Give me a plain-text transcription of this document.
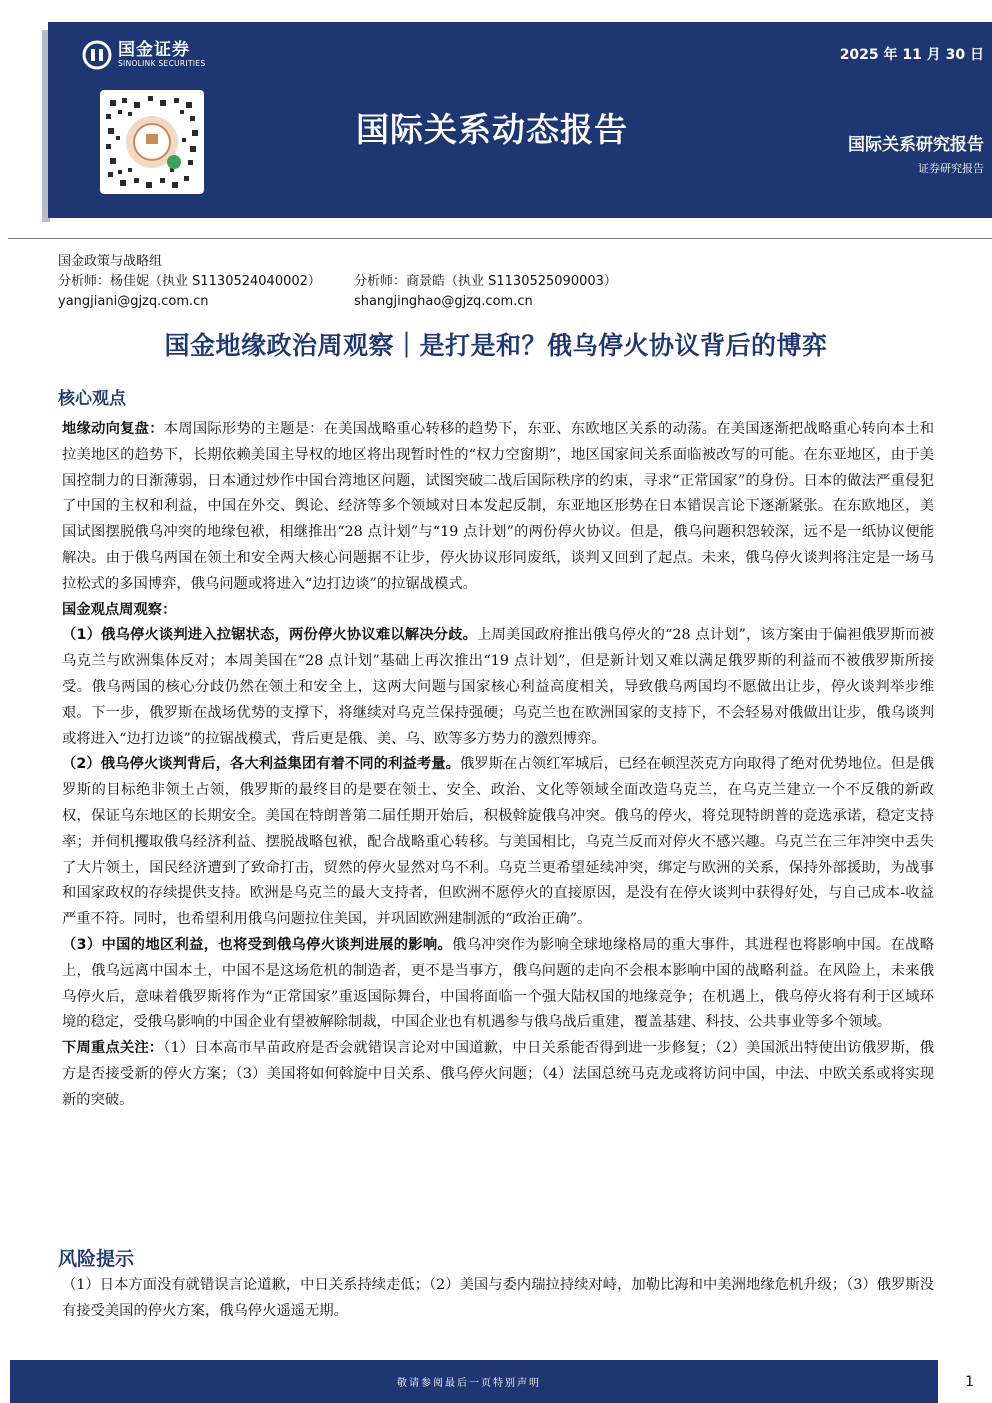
国金证券
SINOLINK SECURITIES
2025 年 11 月 30 日
国际关系动态报告	国际关系研究报告
证券研究报告
国金政策与战略组
分析师：杨佳妮（执业 S1130524040002）	分析师：商景皓（执业 S1130525090003）
yangjiani@gjzq.com.cn	shangjinghao@gjzq.com.cn
国金地缘政治周观察｜是打是和？俄乌停火协议背后的博弈
核心观点

地缘动向复盘：本周国际形势的主题是：在美国战略重心转移的趋势下，东亚、东欧地区关系的动荡。在美国逐渐把战略重心转向本土和拉美地区的趋势下，长期依赖美国主导权的地区将出现暂时性的“权力空窗期”，地区国家间关系面临被改写的可能。在东亚地区，由于美国控制力的日渐薄弱，日本通过炒作中国台湾地区问题，试图突破二战后国际秩序的约束，寻求“正常国家”的身份。日本的做法严重侵犯了中国的主权和利益，中国在外交、舆论、经济等多个领域对日本发起反制，东亚地区形势在日本错误言论下逐渐紧张。在东欧地区，美国试图摆脱俄乌冲突的地缘包袱，相继推出“28 点计划”与“19 点计划”的两份停火协议。但是，俄乌问题积怨较深，远不是一纸协议便能解决。由于俄乌两国在领土和安全两大核心问题据不让步，停火协议形同废纸，谈判又回到了起点。未来，俄乌停火谈判将注定是一场马拉松式的多国博弈，俄乌问题或将进入“边打边谈”的拉锯战模式。

国金观点周观察：

（1）俄乌停火谈判进入拉锯状态，两份停火协议难以解决分歧。上周美国政府推出俄乌停火的“28 点计划”，该方案由于偏袒俄罗斯而被乌克兰与欧洲集体反对；本周美国在“28 点计划”基础上再次推出“19 点计划”，但是新计划又难以满足俄罗斯的利益而不被俄罗斯所接受。俄乌两国的核心分歧仍然在领土和安全上，这两大问题与国家核心利益高度相关，导致俄乌两国均不愿做出让步，停火谈判举步维艰。下一步，俄罗斯在战场优势的支撑下，将继续对乌克兰保持强硬；乌克兰也在欧洲国家的支持下，不会轻易对俄做出让步，俄乌谈判或将进入“边打边谈”的拉锯战模式，背后更是俄、美、乌、欧等多方势力的激烈博弈。

（2）俄乌停火谈判背后，各大利益集团有着不同的利益考量。俄罗斯在占领红军城后，已经在顿涅茨克方向取得了绝对优势地位。但是俄罗斯的目标绝非领土占领，俄罗斯的最终目的是要在领土、安全、政治、文化等领域全面改造乌克兰，在乌克兰建立一个不反俄的新政权，保证乌东地区的长期安全。美国在特朗普第二届任期开始后，积极斡旋俄乌冲突。俄乌的停火，将兑现特朗普的竞选承诺，稳定支持率；并伺机攫取俄乌经济利益、摆脱战略包袱，配合战略重心转移。与美国相比，乌克兰反而对停火不感兴趣。乌克兰在三年冲突中丢失了大片领土，国民经济遭到了致命打击，贸然的停火显然对乌不利。乌克兰更希望延续冲突，绑定与欧洲的关系，保持外部援助，为战事和国家政权的存续提供支持。欧洲是乌克兰的最大支持者，但欧洲不愿停火的直接原因，是没有在停火谈判中获得好处，与自己成本-收益严重不符。同时，也希望利用俄乌问题拉住美国，并巩固欧洲建制派的“政治正确”。

（3）中国的地区利益，也将受到俄乌停火谈判进展的影响。俄乌冲突作为影响全球地缘格局的重大事件，其进程也将影响中国。在战略上，俄乌远离中国本土，中国不是这场危机的制造者，更不是当事方，俄乌问题的走向不会根本影响中国的战略利益。在风险上，未来俄乌停火后，意味着俄罗斯将作为“正常国家”重返国际舞台，中国将面临一个强大陆权国的地缘竞争；在机遇上，俄乌停火将有利于区域环境的稳定，受俄乌影响的中国企业有望被解除制裁，中国企业也有机遇参与俄乌战后重建，覆盖基建、科技、公共事业等多个领域。

下周重点关注：（1）日本高市早苗政府是否会就错误言论对中国道歉，中日关系能否得到进一步修复；（2）美国派出特使出访俄罗斯，俄方是否接受新的停火方案；（3）美国将如何斡旋中日关系、俄乌停火问题；（4）法国总统马克龙或将访问中国，中法、中欧关系或将实现新的突破。

风险提示

（1）日本方面没有就错误言论道歉，中日关系持续走低；（2）美国与委内瑞拉持续对峙，加勒比海和中美洲地缘危机升级；（3）俄罗斯没有接受美国的停火方案，俄乌停火遥遥无期。

敬请参阅最后一页特别声明	1
